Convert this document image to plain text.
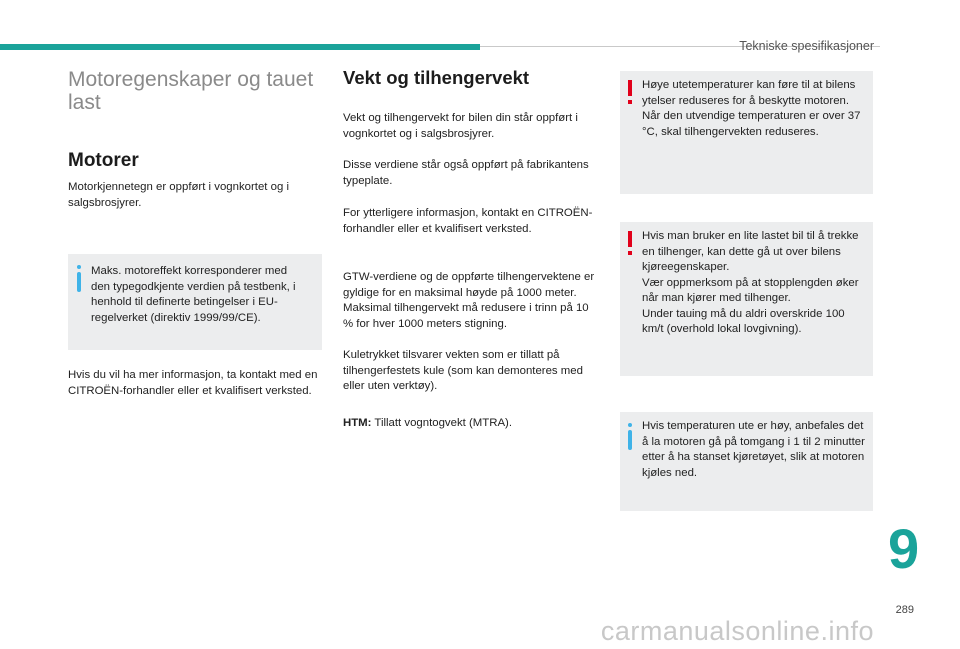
Tekniske spesifikasjoner
Motoregenskaper og tauet last
Motorer
Motorkjennetegn er oppført i vognkortet og i salgsbrosjyrer.
Maks. motoreffekt korresponderer med den typegodkjente verdien på testbenk, i henhold til definerte betingelser i EU-regelverket (direktiv 1999/99/CE).
Hvis du vil ha mer informasjon, ta kontakt med en CITROËN-forhandler eller et kvalifisert verksted.
Vekt og tilhengervekt
Vekt og tilhengervekt for bilen din står oppført i vognkortet og i salgsbrosjyrer.
Disse verdiene står også oppført på fabrikantens typeplate.
For ytterligere informasjon, kontakt en CITROËN-forhandler eller et kvalifisert verksted.
GTW-verdiene og de oppførte tilhengervektene er gyldige for en maksimal høyde på 1000 meter. Maksimal tilhengervekt må redusere i trinn på 10 % for hver 1000 meters stigning.
Kuletrykket tilsvarer vekten som er tillatt på tilhengerfestets kule (som kan demonteres med eller uten verktøy).
HTM: Tillatt vogntogvekt (MTRA).
Høye utetemperaturer kan føre til at bilens ytelser reduseres for å beskytte motoren. Når den utvendige temperaturen er over 37 °C, skal tilhengervekten reduseres.

Hvis man bruker en lite lastet bil til å trekke en tilhenger, kan dette gå ut over bilens kjøreegenskaper.

Vær oppmerksom på at stopplengden øker når man kjører med tilhenger.

Under tauing må du aldri overskride 100 km/t (overhold lokal lovgivning).

Hvis temperaturen ute er høy, anbefales det å la motoren gå på tomgang i 1 til 2 minutter etter å ha stanset kjøretøyet, slik at motoren kjøles ned.
9
289
carmanualsonline.info
